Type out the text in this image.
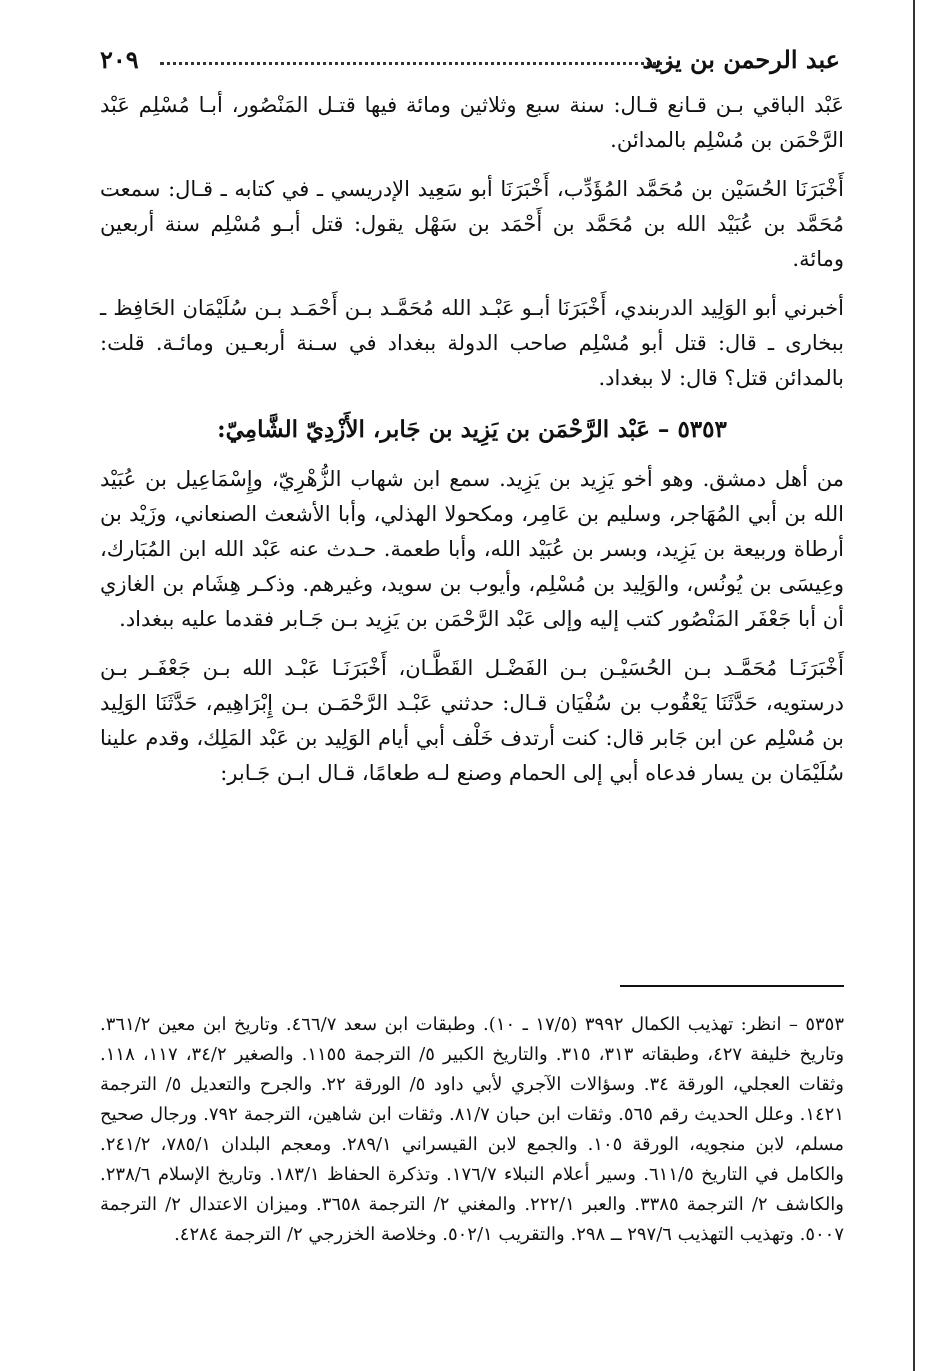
عبد الرحمن بن يزيد
٢٠٩

عَبْد الباقي بـن قـانع قـال: سنة سبع وثلاثين ومائة فيها قتـل المَنْصُور، أبـا مُسْلِم عَبْد الرَّحْمَن بن مُسْلِم بالمدائن.

أَخْبَرَنَا الحُسَيْن بن مُحَمَّد المُؤَدِّب، أَخْبَرَنَا أبو سَعِيد الإدريسي ـ في كتابه ـ قـال: سمعت مُحَمَّد بن عُبَيْد الله بن مُحَمَّد بن أَحْمَد بن سَهْل يقول: قتل أبـو مُسْلِم سنة أربعين ومائة.

أخبرني أبو الوَلِيد الدربندي، أَخْبَرَنَا أبـو عَبْـد الله مُحَمَّـد بـن أَحْمَـد بـن سُلَيْمَان الحَافِظ ـ ببخارى ـ قال: قتل أبو مُسْلِم صاحب الدولة ببغداد في سـنة أربعـين ومائـة. قلت: بالمدائن قتل؟ قال: لا ببغداد.

٥٣٥٣ – عَبْد الرَّحْمَن بن يَزِيد بن جَابر، الأَزْدِيّ الشَّامِيّ:

من أهل دمشق. وهو أخو يَزِيد بن يَزِيد. سمع ابن شهاب الزُّهْرِيّ، وإِسْمَاعِيل بن عُبَيْد الله بن أبي المُهَاجر، وسليم بن عَامِر، ومكحولا الهذلي، وأبا الأشعث الصنعاني، وزَيْد بن أرطاة وربيعة بن يَزِيد، وبسر بن عُبَيْد الله، وأبا طعمة. حـدث عنه عَبْد الله ابن المُبَارك، وعِيسَى بن يُونُس، والوَلِيد بن مُسْلِم، وأيوب بن سويد، وغيرهم. وذكـر هِشَام بن الغازي أن أبا جَعْفَر المَنْصُور كتب إليه وإلى عَبْد الرَّحْمَن بن يَزِيد بـن جَـابر فقدما عليه ببغداد.

أَخْبَرَنَـا مُحَمَّـد بـن الحُسَيْـن بـن الفَضْـل القَطَّـان، أَخْبَرَنَـا عَبْـد الله بـن جَعْفَـر بـن درستويه، حَدَّثَنَا يَعْقُوب بن سُفْيَان قـال: حدثني عَبْـد الرَّحْمَـن بـن إِبْرَاهِيم، حَدَّثَنَا الوَلِيد بن مُسْلِم عن ابن جَابر قال: كنت أرتدف خَلْف أبي أيام الوَلِيد بن عَبْد المَلِك، وقدم علينا سُلَيْمَان بن يسار فدعاه أبي إلى الحمام وصنع لـه طعامًا، قـال ابـن جَـابر:

٥٣٥٣ – انظر: تهذيب الكمال ٣٩٩٢ (١٧/٥ ـ ١٠). وطبقات ابن سعد ٤٦٦/٧. وتاريخ ابن معين ٣٦١/٢. وتاريخ خليفة ٤٢٧، وطبقاته ٣١٣، ٣١٥. والتاريخ الكبير ٥/ الترجمة ١١٥٥. والصغير ٣٤/٢، ١١٧، ١١٨. وثقات العجلي، الورقة ٣٤. وسؤالات الآجري لأبي داود ٥/ الورقة ٢٢. والجرح والتعديل ٥/ الترجمة ١٤٢١. وعلل الحديث رقم ٥٦٥. وثقات ابن حبان ٨١/٧. وثقات ابن شاهين، الترجمة ٧٩٢. ورجال صحيح مسلم، لابن منجويه، الورقة ١٠٥. والجمع لابن القيسراني ٢٨٩/١. ومعجم البلدان ٧٨٥/١، ٢٤١/٢. والكامل في التاريخ ٦١١/٥. وسير أعلام النبلاء ١٧٦/٧. وتذكرة الحفاظ ١٨٣/١. وتاريخ الإسلام ٢٣٨/٦. والكاشف ٢/ الترجمة ٣٣٨٥. والعبر ٢٢٢/١. والمغني ٢/ الترجمة ٣٦٥٨. وميزان الاعتدال ٢/ الترجمة ٥٠٠٧. وتهذيب التهذيب ٢٩٧/٦ ــ ٢٩٨. والتقريب ٥٠٢/١. وخلاصة الخزرجي ٢/ الترجمة ٤٢٨٤.
